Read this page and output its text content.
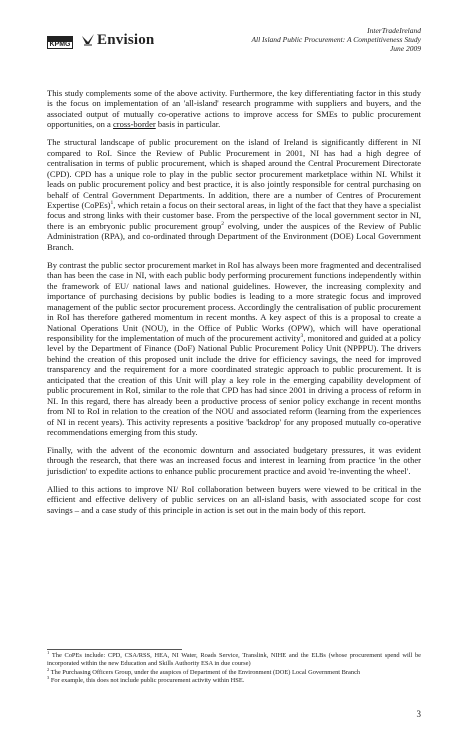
KPMG Envision
InterTradeIreland
All Island Public Procurement: A Competitiveness Study
June 2009

This study complements some of the above activity. Furthermore, the key differentiating factor in this study is the focus on implementation of an 'all-island' research programme with suppliers and buyers, and the associated output of mutually co-operative actions to improve access for SMEs to public procurement opportunities, on a cross-border basis in particular.

The structural landscape of public procurement on the island of Ireland is significantly different in NI compared to RoI. Since the Review of Public Procurement in 2001, NI has had a high degree of centralisation in terms of public procurement, which is shaped around the Central Procurement Directorate (CPD). CPD has a unique role to play in the public sector procurement marketplace within NI. Whilst it leads on public procurement policy and best practice, it is also jointly responsible for central purchasing on behalf of Central Government Departments. In addition, there are a number of Centres of Procurement Expertise (CoPEs)$^1$, which retain a focus on their sectoral areas, in light of the fact that they have a specialist focus and strong links with their customer base. From the perspective of the local government sector in NI, there is an embryonic public procurement group$^2$ evolving, under the auspices of the Review of Public Administration (RPA), and co-ordinated through Department of the Environment (DOE) Local Government Branch.

By contrast the public sector procurement market in RoI has always been more fragmented and decentralised than has been the case in NI, with each public body performing procurement functions independently within the framework of EU/ national laws and national guidelines. However, the increasing complexity and importance of purchasing decisions by public bodies is leading to a more strategic focus and improved management of the public sector procurement process. Accordingly the centralisation of public procurement in RoI has therefore gathered momentum in recent months. A key aspect of this is a proposal to create a National Operations Unit (NOU), in the Office of Public Works (OPW), which will have operational responsibility for the implementation of much of the procurement activity$^3$, monitored and guided at a policy level by the Department of Finance (DoF) National Public Procurement Policy Unit (NPPPU). The drivers behind the creation of this proposed unit include the drive for efficiency savings, the need for improved transparency and the requirement for a more coordinated strategic approach to public procurement. It is anticipated that the creation of this Unit will play a key role in the emerging capability development of public procurement in RoI, similar to the role that CPD has had since 2001 in driving a process of reform in NI. In this regard, there has already been a productive process of senior policy exchange in recent months from NI to RoI in relation to the creation of the NOU and associated reform (learning from the experiences of NI in recent years). This activity represents a positive 'backdrop' for any proposed mutually co-operative recommendations emerging from this study.

Finally, with the advent of the economic downturn and associated budgetary pressures, it was evident through the research, that there was an increased focus and interest in learning from practice 'in the other jurisdiction' to expedite actions to enhance public procurement practice and avoid 're-inventing the wheel'.

Allied to this actions to improve NI/ RoI collaboration between buyers were viewed to be critical in the efficient and effective delivery of public services on an all-island basis, with associated scope for cost savings – and a case study of this principle in action is set out in the main body of this report.

$^1$ The CoPEs include: CPD, CSA/RSS, HEA, NI Water, Roads Service, Translink, NIHE and the ELBs (whose procurement spend will be incorporated within the new Education and Skills Authority ESA in due course)
$^2$ The Purchasing Officers Group, under the auspices of Department of the Environment (DOE) Local Government Branch
$^3$ For example, this does not include public procurement activity within HSE.
3
